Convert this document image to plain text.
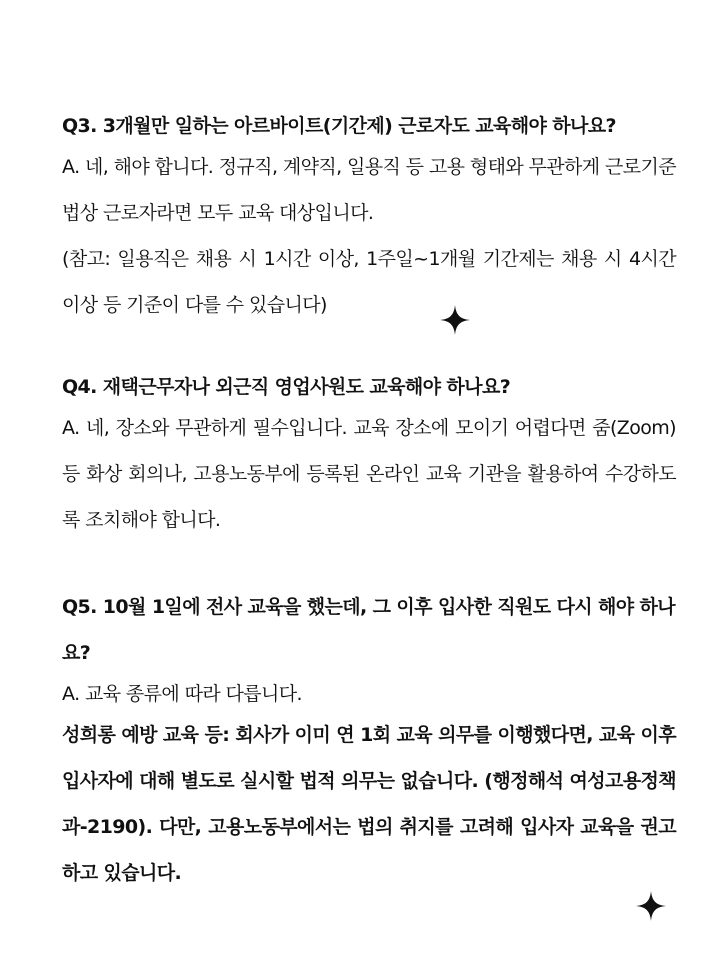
Q3. 3개월만 일하는 아르바이트(기간제) 근로자도 교육해야 하나요?

A. 네, 해야 합니다. 정규직, 계약직, 일용직 등 고용 형태와 무관하게 근로기준법상 근로자라면 모두 교육 대상입니다.

(참고: 일용직은 채용 시 1시간 이상, 1주일~1개월 기간제는 채용 시 4시간 이상 등 기준이 다를 수 있습니다)

Q4. 재택근무자나 외근직 영업사원도 교육해야 하나요?

A. 네, 장소와 무관하게 필수입니다. 교육 장소에 모이기 어렵다면 줌(Zoom) 등 화상 회의나, 고용노동부에 등록된 온라인 교육 기관을 활용하여 수강하도록 조치해야 합니다.

Q5. 10월 1일에 전사 교육을 했는데, 그 이후 입사한 직원도 다시 해야 하나요?

A. 교육 종류에 따라 다릅니다.

성희롱 예방 교육 등: 회사가 이미 연 1회 교육 의무를 이행했다면, 교육 이후 입사자에 대해 별도로 실시할 법적 의무는 없습니다. (행정해석 여성고용정책과-2190). 다만, 고용노동부에서는 법의 취지를 고려해 입사자 교육을 권고하고 있습니다.
